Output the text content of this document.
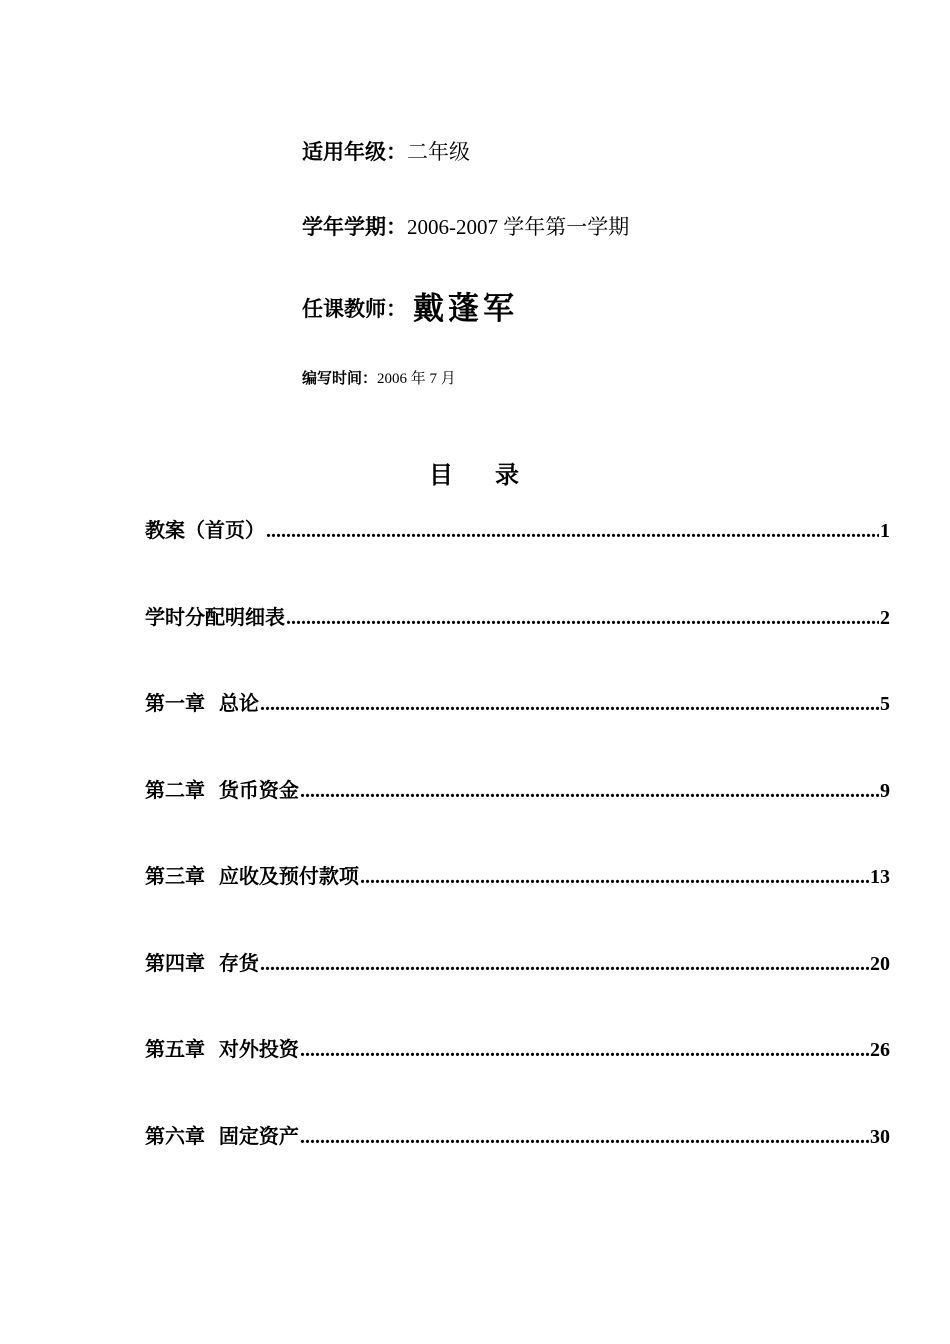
适用年级：二年级
学年学期：2006-2007 学年第一学期
任课教师： 戴蓬军
编写时间：2006 年 7 月
目 录
教案（首页） .....	1
学时分配明细表 .....	2
第一章  总论 .....	5
第二章  货币资金 .....	9
第三章  应收及预付款项 .....	13
第四章  存货 .....	20
第五章  对外投资 .....	26
第六章  固定资产 .....	30
